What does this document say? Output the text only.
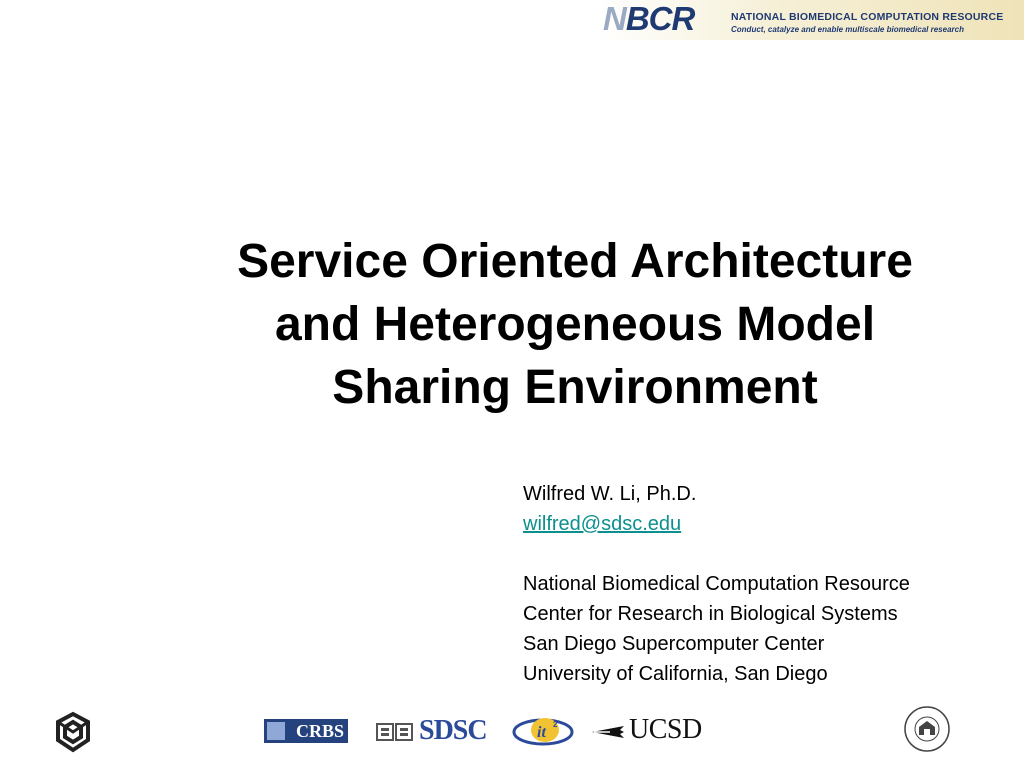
NBCR	NATIONAL BIOMEDICAL COMPUTATION RESOURCE
Conduct, catalyze and enable multiscale biomedical research
Service Oriented Architecture
and Heterogeneous Model
Sharing Environment
Wilfred W. Li, Ph.D.
wilfred@sdsc.edu
National Biomedical Computation Resource
Center for Research in Biological Systems
San Diego Supercomputer Center
University of California, San Diego
CRBS	SDSC	it 2	UCSD
